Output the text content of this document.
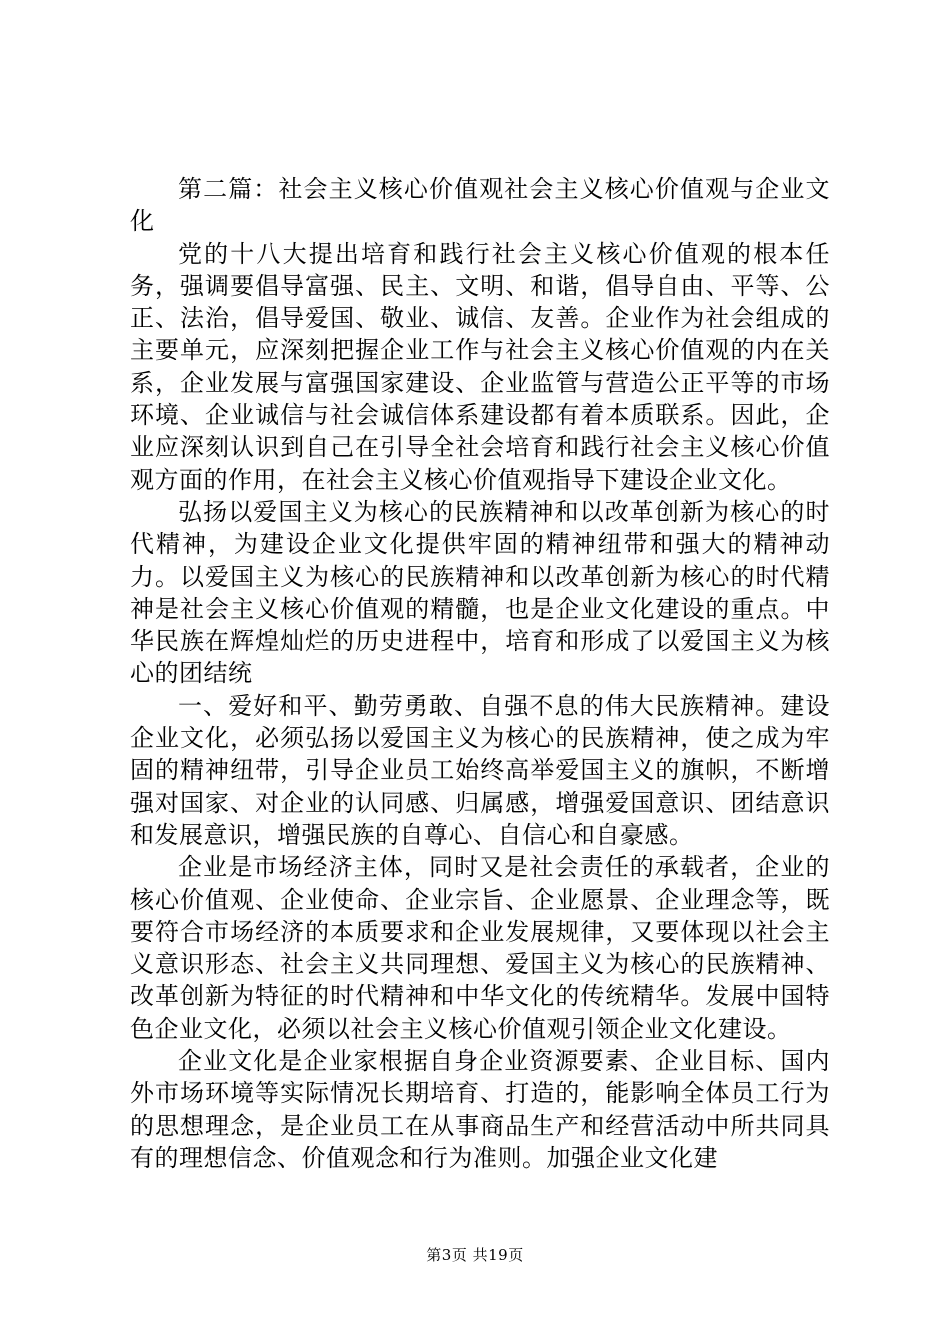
第二篇：社会主义核心价值观社会主义核心价值观与企业文化

党的十八大提出培育和践行社会主义核心价值观的根本任务，强调要倡导富强、民主、文明、和谐，倡导自由、平等、公正、法治，倡导爱国、敬业、诚信、友善。企业作为社会组成的主要单元，应深刻把握企业工作与社会主义核心价值观的内在关系，企业发展与富强国家建设、企业监管与营造公正平等的市场环境、企业诚信与社会诚信体系建设都有着本质联系。因此，企业应深刻认识到自己在引导全社会培育和践行社会主义核心价值观方面的作用，在社会主义核心价值观指导下建设企业文化。

弘扬以爱国主义为核心的民族精神和以改革创新为核心的时代精神，为建设企业文化提供牢固的精神纽带和强大的精神动力。以爱国主义为核心的民族精神和以改革创新为核心的时代精神是社会主义核心价值观的精髓，也是企业文化建设的重点。中华民族在辉煌灿烂的历史进程中，培育和形成了以爱国主义为核心的团结统

一、爱好和平、勤劳勇敢、自强不息的伟大民族精神。建设企业文化，必须弘扬以爱国主义为核心的民族精神，使之成为牢固的精神纽带，引导企业员工始终高举爱国主义的旗帜，不断增强对国家、对企业的认同感、归属感，增强爱国意识、团结意识和发展意识，增强民族的自尊心、自信心和自豪感。

企业是市场经济主体，同时又是社会责任的承载者，企业的核心价值观、企业使命、企业宗旨、企业愿景、企业理念等，既要符合市场经济的本质要求和企业发展规律，又要体现以社会主义意识形态、社会主义共同理想、爱国主义为核心的民族精神、改革创新为特征的时代精神和中华文化的传统精华。发展中国特色企业文化，必须以社会主义核心价值观引领企业文化建设。

企业文化是企业家根据自身企业资源要素、企业目标、国内外市场环境等实际情况长期培育、打造的，能影响全体员工行为的思想理念，是企业员工在从事商品生产和经营活动中所共同具有的理想信念、价值观念和行为准则。加强企业文化建

第3页 共19页
